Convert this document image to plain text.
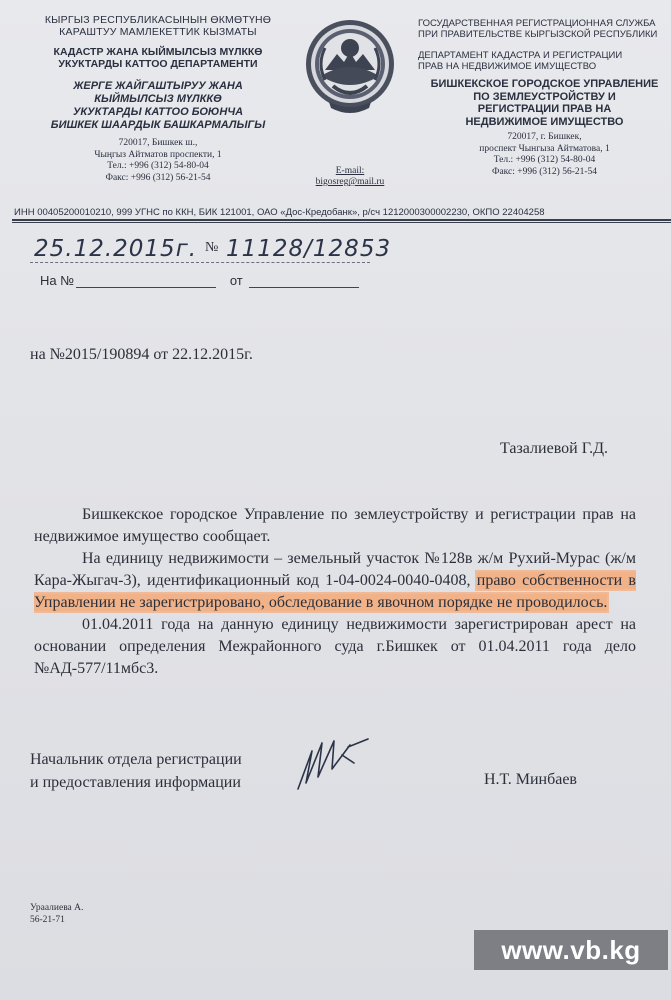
КЫРГЫЗ РЕСПУБЛИКАСЫНЫН ӨКМӨТҮНӨ
КАРАШТУУ МАМЛЕКЕТТИК КЫЗМАТЫ
КАДАСТР ЖАНА КЫЙМЫЛСЫЗ МҮЛККӨ
УКУКТАРДЫ КАТТОО ДЕПАРТАМЕНТИ
ЖЕРГЕ ЖАЙГАШТЫРУУ ЖАНА
КЫЙМЫЛСЫЗ МҮЛККӨ
УКУКТАРДЫ КАТТОО БОЮНЧА
БИШКЕК ШААРДЫК БАШКАРМАЛЫГЫ
720017, Бишкек ш.,
Чыңгыз Айтматов проспекти, 1
Тел.: +996 (312) 54-80-04
Факс: +996 (312) 56-21-54
ГОСУДАРСТВЕННАЯ РЕГИСТРАЦИОННАЯ СЛУЖБА
ПРИ ПРАВИТЕЛЬСТВЕ КЫРГЫЗСКОЙ РЕСПУБЛИКИ
ДЕПАРТАМЕНТ КАДАСТРА И РЕГИСТРАЦИИ
ПРАВ НА НЕДВИЖИМОЕ ИМУЩЕСТВО
БИШКЕКСКОЕ ГОРОДСКОЕ УПРАВЛЕНИЕ
ПО ЗЕМЛЕУСТРОЙСТВУ И
РЕГИСТРАЦИИ ПРАВ НА
НЕДВИЖИМОЕ ИМУЩЕСТВО
720017, г. Бишкек,
проспект Чынгыза Айтматова, 1
Тел.: +996 (312) 54-80-04
Факс: +996 (312) 56-21-54
E-mail:
bigosreg@mail.ru
ИНН 00405200010210, 999 УГНС по ККН, БИК 121001, ОАО «Дос-Кредобанк», р/сч 1212000300002230, ОКПО 22404258
25.12.2015г. № 11128/12853
На №	от
на №2015/190894 от 22.12.2015г.
Тазалиевой Г.Д.

Бишкекское городское Управление по землеустройству и регистрации прав на недвижимое имущество сообщает.

На единицу недвижимости – земельный участок №128в ж/м Рухий-Мурас (ж/м Кара-Жыгач-3), идентификационный код 1-04-0024-0040-0408, право собственности в Управлении не зарегистрировано, обследование в явочном порядке не проводилось.

01.04.2011 года на данную единицу недвижимости зарегистрирован арест на основании определения Межрайонного суда г.Бишкек от 01.04.2011 года дело №АД-577/11мбс3.

Начальник отдела регистрации
и предоставления информации	Н.Т. Минбаев
Ураалиева А.
56-21-71
www.vb.kg
